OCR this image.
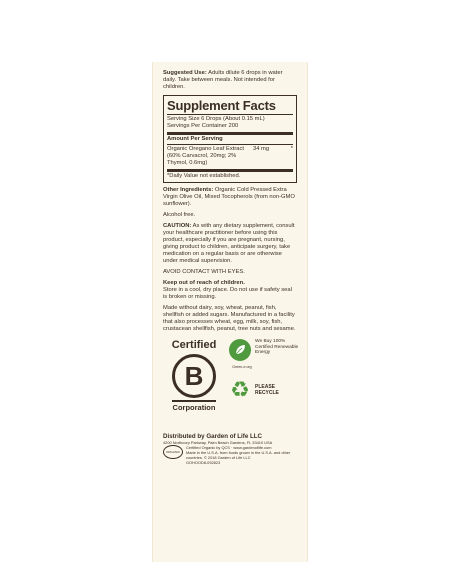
Suggested Use: Adults dilute 6 drops in water daily. Take between meals. Not intended for children.

Supplement Facts
Serving Size 6 Drops (About 0.15 mL)
Servings Per Container 200
Amount Per Serving
Organic Oregano Leaf Extract
(60% Carvacrol, 20mg; 2% Thymol, 0.6mg)
34 mg	*
*Daily Value not established.

Other Ingredients: Organic Cold Pressed Extra Virgin Olive Oil, Mixed Tocopherols (from non-GMO sunflower).

Alcohol free.

CAUTION: As with any dietary supplement, consult your healthcare practitioner before using this product, especially if you are pregnant, nursing, giving product to children, anticipate surgery, take medication on a regular basis or are otherwise under medical supervision.

AVOID CONTACT WITH EYES.

Keep out of reach of children.

Store in a cool, dry place. Do not use if safety seal is broken or missing.

Made without dairy, soy, wheat, peanut, fish, shellfish or added sugars. Manufactured in a facility that also processes wheat, egg, milk, soy, fish, crustacean shellfish, peanut, tree nuts and sesame.

Certified
B
Corporation
We Buy 100% Certified Renewable Energy
Green-e.org
♻ PLEASE RECYCLE
Distributed by Garden of Life LLC
4200 Northcorp Parkway, Palm Beach Gardens, FL 33410 USA
ORGANIC
Certified Organic by QCS · www.gardenoflife.com
Made in the U.S.A. from foods grown in the U.S.A. and other countries. © 2018 Garden of Life LLC
GOHOOD8-092823
